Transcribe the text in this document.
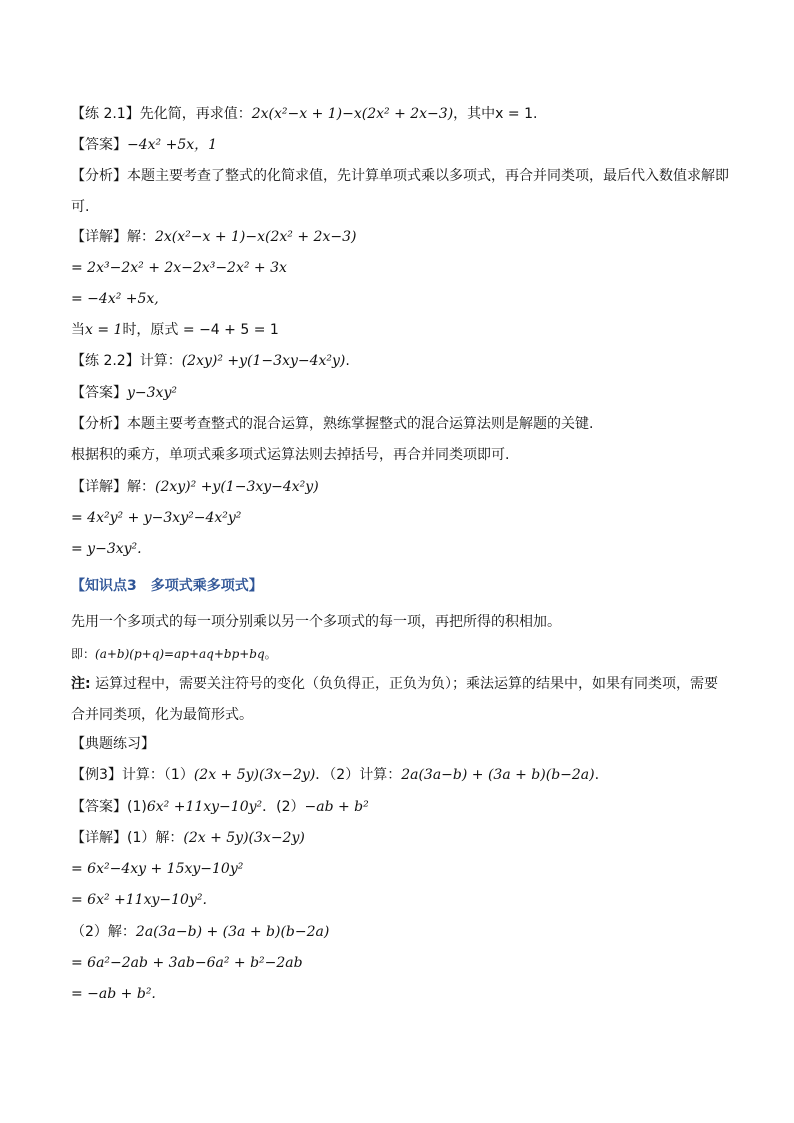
【练 2.1】先化简，再求值：2x(x²−x + 1)−x(2x² + 2x−3)，其中x = 1.
【答案】−4x² +5x，1
【分析】本题主要考查了整式的化简求值，先计算单项式乘以多项式，再合并同类项，最后代入数值求解即可.
【详解】解：2x(x²−x + 1)−x(2x² + 2x−3)
= 2x³−2x² + 2x−2x³−2x² + 3x
= −4x² +5x,
当x = 1时，原式 = −4 + 5 = 1
【练 2.2】计算：(2xy)² +y(1−3xy−4x²y).
【答案】y−3xy²
【分析】本题主要考查整式的混合运算，熟练掌握整式的混合运算法则是解题的关键.
根据积的乘方，单项式乘多项式运算法则去掉括号，再合并同类项即可.
【详解】解：(2xy)² +y(1−3xy−4x²y)
= 4x²y² + y−3xy²−4x²y²
= y−3xy².
【知识点3　多项式乘多项式】
先用一个多项式的每一项分别乘以另一个多项式的每一项，再把所得的积相加。
即：(a+b)(p+q)=ap+aq+bp+bq。
注: 运算过程中，需要关注符号的变化（负负得正，正负为负）；乘法运算的结果中，如果有同类项，需要合并同类项，化为最简形式。
【典题练习】
【例3】计算：（1）(2x + 5y)(3x−2y)．（2）计算：2a(3a−b) + (3a + b)(b−2a).
【答案】(1)6x² +11xy−10y²．(2）−ab + b²
【详解】(1）解：(2x + 5y)(3x−2y)
= 6x²−4xy + 15xy−10y²
= 6x² +11xy−10y².
（2）解：2a(3a−b) + (3a + b)(b−2a)
= 6a²−2ab + 3ab−6a² + b²−2ab
= −ab + b².
